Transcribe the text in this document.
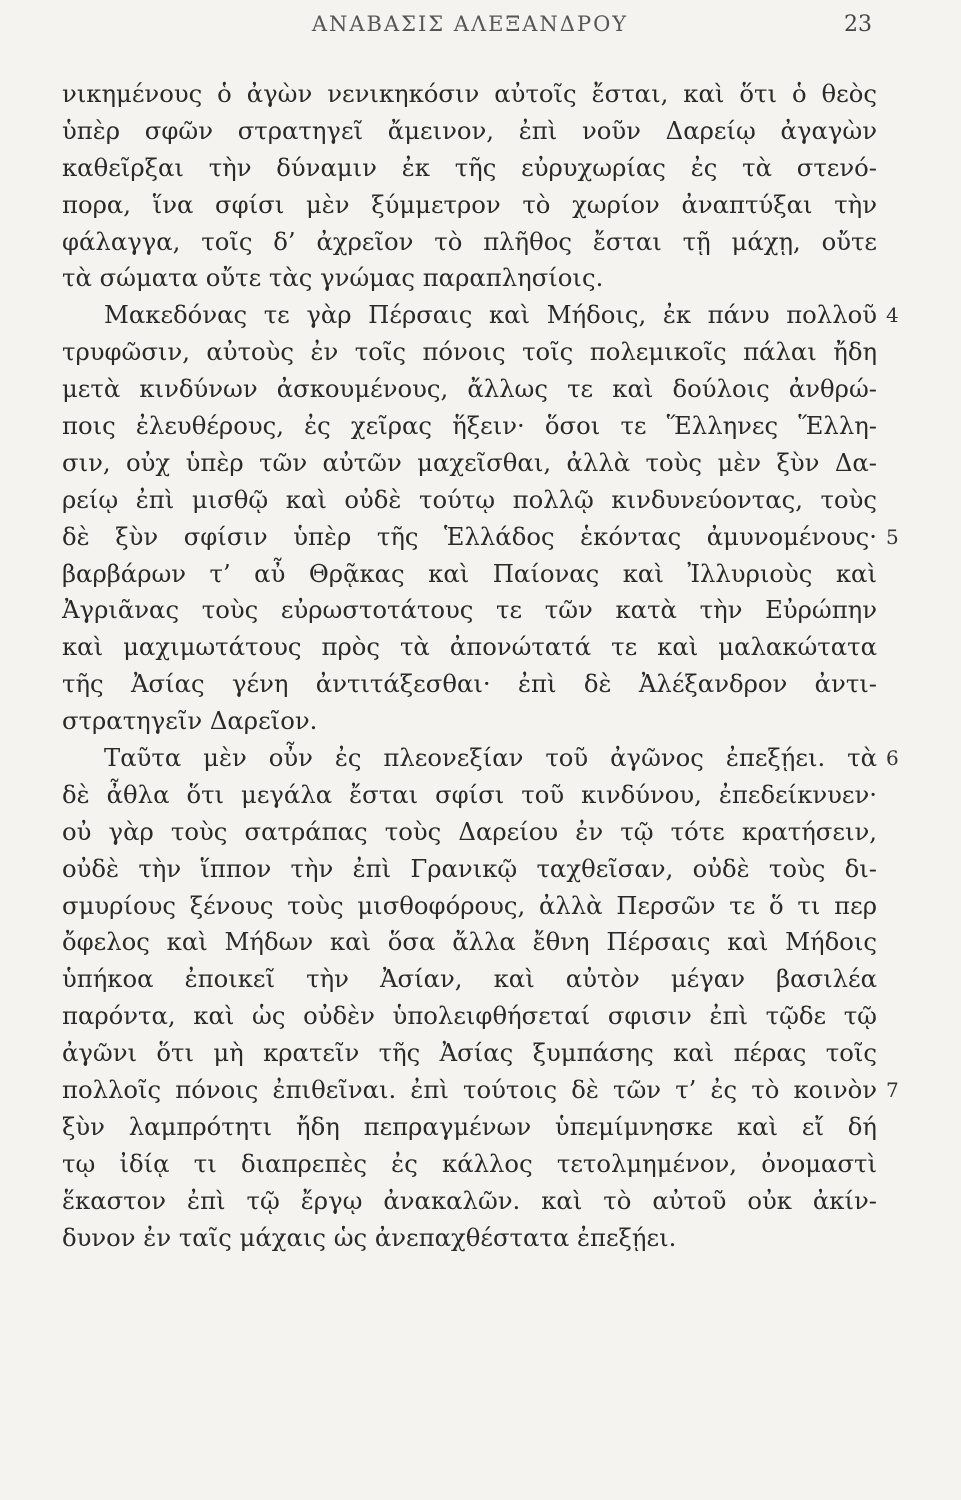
ΑΝΑΒΑΣΙΣ ΑΛΕΞΑΝΔΡΟΥ	23
νικημένους ὁ ἀγὼν νενικηκόσιν αὐτοῖς ἔσται, καὶ ὅτι ὁ θεὸς
ὑπὲρ σφῶν στρατηγεῖ ἄμεινον, ἐπὶ νοῦν Δαρείῳ ἀγαγὼν
καθεῖρξαι τὴν δύναμιν ἐκ τῆς εὐρυχωρίας ἐς τὰ στενό-
πορα, ἵνα σφίσι μὲν ξύμμετρον τὸ χωρίον ἀναπτύξαι τὴν
φάλαγγα, τοῖς δ’ ἀχρεῖον τὸ πλῆθος ἔσται τῇ μάχῃ, οὔτε
τὰ σώματα οὔτε τὰς γνώμας παραπλησίοις.
Μακεδόνας τε γὰρ Πέρσαις καὶ Μήδοις, ἐκ πάνυ πολλοῦ 4
τρυφῶσιν, αὐτοὺς ἐν τοῖς πόνοις τοῖς πολεμικοῖς πάλαι ἤδη
μετὰ κινδύνων ἀσκουμένους, ἄλλως τε καὶ δούλοις ἀνθρώ-
ποις ἐλευθέρους, ἐς χεῖρας ἥξειν· ὅσοι τε Ἕλληνες Ἕλλη-
σιν, οὐχ ὑπὲρ τῶν αὐτῶν μαχεῖσθαι, ἀλλὰ τοὺς μὲν ξὺν Δα-
ρείῳ ἐπὶ μισθῷ καὶ οὐδὲ τούτῳ πολλῷ κινδυνεύοντας, τοὺς
δὲ ξὺν σφίσιν ὑπὲρ τῆς Ἑλλάδος ἑκόντας ἀμυνομένους· 5
βαρβάρων τ’ αὖ Θρᾷκας καὶ Παίονας καὶ Ἰλλυριοὺς καὶ
Ἀγριᾶνας τοὺς εὐρωστοτάτους τε τῶν κατὰ τὴν Εὐρώπην
καὶ μαχιμωτάτους πρὸς τὰ ἀπονώτατά τε καὶ μαλακώτατα
τῆς Ἀσίας γένη ἀντιτάξεσθαι· ἐπὶ δὲ Ἀλέξανδρον ἀντι-
στρατηγεῖν Δαρεῖον.
Ταῦτα μὲν οὖν ἐς πλεονεξίαν τοῦ ἀγῶνος ἐπεξῄει. τὰ 6
δὲ ἆθλα ὅτι μεγάλα ἔσται σφίσι τοῦ κινδύνου, ἐπεδείκνυεν·
οὐ γὰρ τοὺς σατράπας τοὺς Δαρείου ἐν τῷ τότε κρατήσειν,
οὐδὲ τὴν ἵππον τὴν ἐπὶ Γρανικῷ ταχθεῖσαν, οὐδὲ τοὺς δι-
σμυρίους ξένους τοὺς μισθοφόρους, ἀλλὰ Περσῶν τε ὅ τι περ
ὄφελος καὶ Μήδων καὶ ὅσα ἄλλα ἔθνη Πέρσαις καὶ Μήδοις
ὑπήκοα ἐποικεῖ τὴν Ἀσίαν, καὶ αὐτὸν μέγαν βασιλέα
παρόντα, καὶ ὡς οὐδὲν ὑπολειφθήσεταί σφισιν ἐπὶ τῷδε τῷ
ἀγῶνι ὅτι μὴ κρατεῖν τῆς Ἀσίας ξυμπάσης καὶ πέρας τοῖς
πολλοῖς πόνοις ἐπιθεῖναι. ἐπὶ τούτοις δὲ τῶν τ’ ἐς τὸ κοινὸν 7
ξὺν λαμπρότητι ἤδη πεπραγμένων ὑπεμίμνησκε καὶ εἴ δή
τῳ ἰδίᾳ τι διαπρεπὲς ἐς κάλλος τετολμημένον, ὀνομαστὶ
ἕκαστον ἐπὶ τῷ ἔργῳ ἀνακαλῶν. καὶ τὸ αὐτοῦ οὐκ ἀκίν-
δυνον ἐν ταῖς μάχαις ὡς ἀνεπαχθέστατα ἐπεξῄει.
